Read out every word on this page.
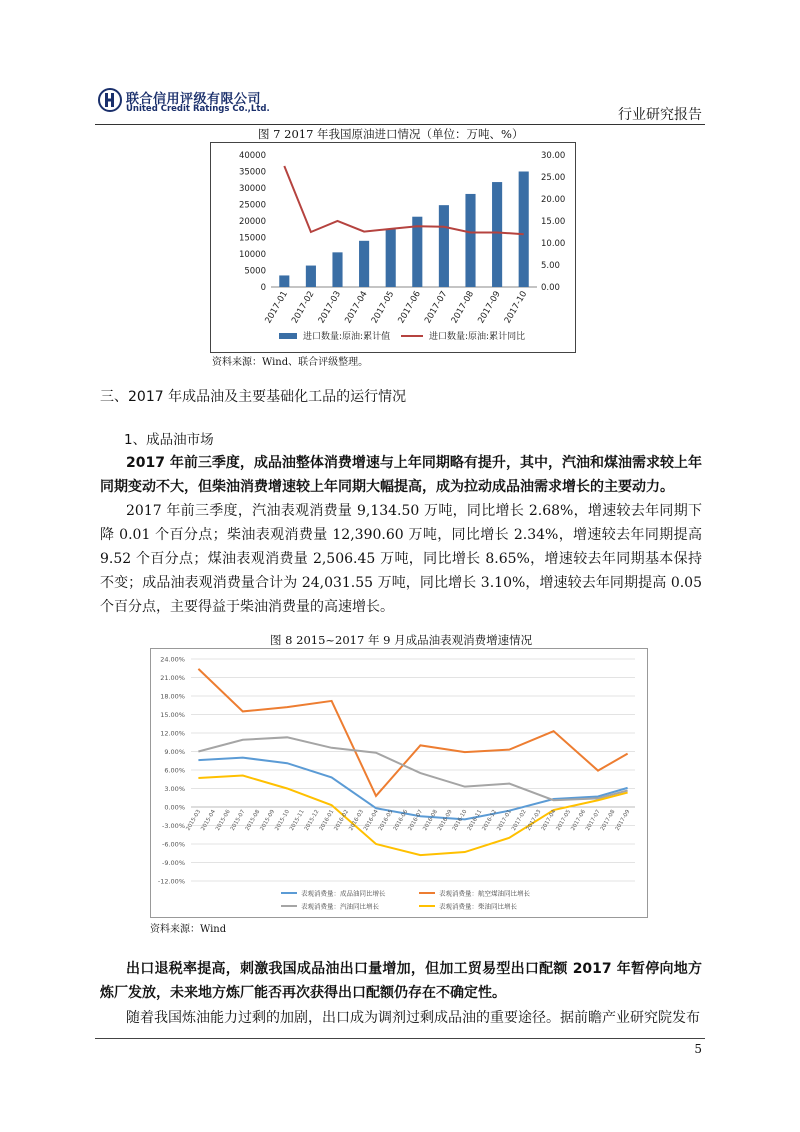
联合信用评级有限公司
United Credit Ratings Co.,Ltd.	行业研究报告
图 7 2017 年我国原油进口情况（单位：万吨、%）
0
5000
10000
15000
20000
25000
30000
35000
40000
0.00
5.00
10.00
15.00
20.00
25.00
30.00
2017-01 2017-02 2017-03 2017-04 2017-05 2017-06 2017-07 2017-08 2017-09 2017-10
进口数量:原油:累计值	进口数量:原油:累计同比
资料来源：Wind、联合评级整理。
三、2017 年成品油及主要基础化工品的运行情况
1、成品油市场
2017 年前三季度，成品油整体消费增速与上年同期略有提升，其中，汽油和煤油需求较上年同期变动不大，但柴油消费增速较上年同期大幅提高，成为拉动成品油需求增长的主要动力。
2017 年前三季度，汽油表观消费量 9,134.50 万吨，同比增长 2.68%，增速较去年同期下降 0.01 个百分点；柴油表观消费量 12,390.60 万吨，同比增长 2.34%，增速较去年同期提高 9.52 个百分点；煤油表观消费量 2,506.45 万吨，同比增长 8.65%，增速较去年同期基本保持不变；成品油表观消费量合计为 24,031.55 万吨，同比增长 3.10%，增速较去年同期提高 0.05 个百分点，主要得益于柴油消费量的高速增长。
图 8 2015~2017 年 9 月成品油表观消费增速情况
24.00%
21.00%
18.00%
15.00%
12.00%
9.00%
6.00%
3.00%
0.00%
-3.00%
-6.00%
-9.00%
-12.00%
2015-03
2015-04
2015-06
2015-07
2015-08
2015-09
2015-10
2015-11
2015-12
2016-01
2016-02
2016-03
2016-04
2016-05
2016-06
2016-07
2016-08
2016-09
2016-10
2016-11
2016-12
2017-01
2017-02
2017-03
2017-04
2017-05
2017-06
2017-07
2017-08
2017-09
表观消费量：成品油同比增长	表观消费量：航空煤油同比增长
表观消费量：汽油同比增长	表观消费量：柴油同比增长
资料来源：Wind
出口退税率提高，刺激我国成品油出口量增加，但加工贸易型出口配额 2017 年暂停向地方炼厂发放，未来地方炼厂能否再次获得出口配额仍存在不确定性。
随着我国炼油能力过剩的加剧，出口成为调剂过剩成品油的重要途径。据前瞻产业研究院发布
5
